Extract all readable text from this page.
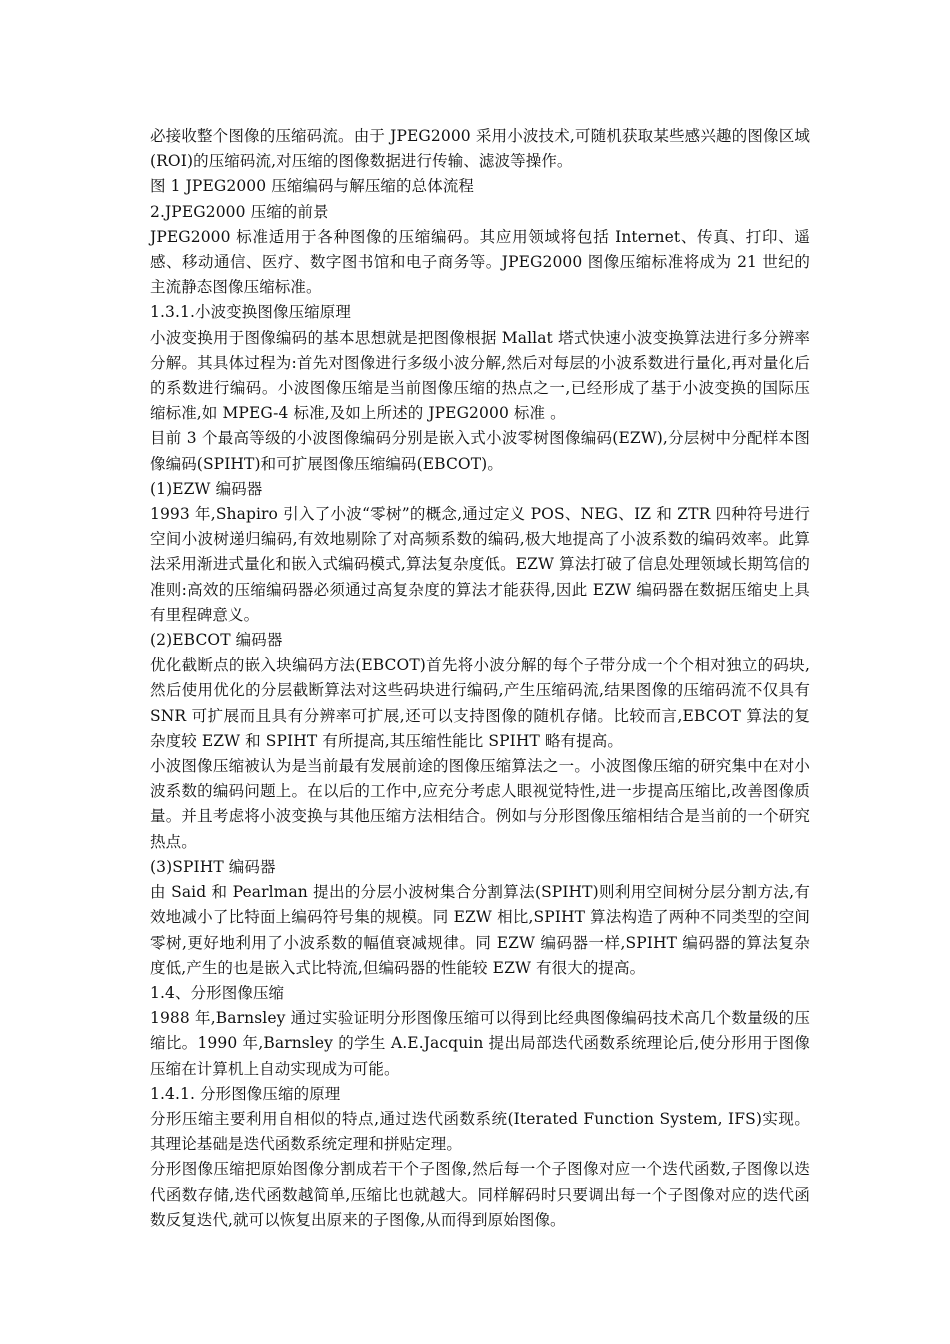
必接收整个图像的压缩码流。由于 JPEG2000 采用小波技术,可随机获取某些感兴趣的图像区域(ROI)的压缩码流,对压缩的图像数据进行传输、滤波等操作。

图 1 JPEG2000 压缩编码与解压缩的总体流程

2.JPEG2000 压缩的前景

JPEG2000 标准适用于各种图像的压缩编码。其应用领域将包括 Internet、传真、打印、遥感、移动通信、医疗、数字图书馆和电子商务等。JPEG2000 图像压缩标准将成为 21 世纪的主流静态图像压缩标准。

1.3.1.小波变换图像压缩原理

小波变换用于图像编码的基本思想就是把图像根据 Mallat 塔式快速小波变换算法进行多分辨率分解。其具体过程为:首先对图像进行多级小波分解,然后对每层的小波系数进行量化,再对量化后的系数进行编码。小波图像压缩是当前图像压缩的热点之一,已经形成了基于小波变换的国际压缩标准,如 MPEG-4 标准,及如上所述的 JPEG2000 标准 。

目前 3 个最高等级的小波图像编码分别是嵌入式小波零树图像编码(EZW),分层树中分配样本图像编码(SPIHT)和可扩展图像压缩编码(EBCOT)。

(1)EZW 编码器

1993 年,Shapiro 引入了小波“零树”的概念,通过定义 POS、NEG、IZ 和 ZTR 四种符号进行空间小波树递归编码,有效地剔除了对高频系数的编码,极大地提高了小波系数的编码效率。此算法采用渐进式量化和嵌入式编码模式,算法复杂度低。EZW 算法打破了信息处理领域长期笃信的准则:高效的压缩编码器必须通过高复杂度的算法才能获得,因此 EZW 编码器在数据压缩史上具有里程碑意义。

(2)EBCOT 编码器

优化截断点的嵌入块编码方法(EBCOT)首先将小波分解的每个子带分成一个个相对独立的码块,然后使用优化的分层截断算法对这些码块进行编码,产生压缩码流,结果图像的压缩码流不仅具有 SNR 可扩展而且具有分辨率可扩展,还可以支持图像的随机存储。比较而言,EBCOT 算法的复杂度较 EZW 和 SPIHT 有所提高,其压缩性能比 SPIHT 略有提高。

小波图像压缩被认为是当前最有发展前途的图像压缩算法之一。小波图像压缩的研究集中在对小波系数的编码问题上。在以后的工作中,应充分考虑人眼视觉特性,进一步提高压缩比,改善图像质量。并且考虑将小波变换与其他压缩方法相结合。例如与分形图像压缩相结合是当前的一个研究热点。

(3)SPIHT 编码器

由 Said 和 Pearlman 提出的分层小波树集合分割算法(SPIHT)则利用空间树分层分割方法,有效地减小了比特面上编码符号集的规模。同 EZW 相比,SPIHT 算法构造了两种不同类型的空间零树,更好地利用了小波系数的幅值衰减规律。同 EZW 编码器一样,SPIHT 编码器的算法复杂度低,产生的也是嵌入式比特流,但编码器的性能较 EZW 有很大的提高。

1.4、分形图像压缩

1988 年,Barnsley 通过实验证明分形图像压缩可以得到比经典图像编码技术高几个数量级的压缩比。1990 年,Barnsley 的学生 A.E.Jacquin 提出局部迭代函数系统理论后,使分形用于图像压缩在计算机上自动实现成为可能。

1.4.1. 分形图像压缩的原理

分形压缩主要利用自相似的特点,通过迭代函数系统(Iterated Function System, IFS)实现。其理论基础是迭代函数系统定理和拼贴定理。

分形图像压缩把原始图像分割成若干个子图像,然后每一个子图像对应一个迭代函数,子图像以迭代函数存储,迭代函数越简单,压缩比也就越大。同样解码时只要调出每一个子图像对应的迭代函数反复迭代,就可以恢复出原来的子图像,从而得到原始图像。
